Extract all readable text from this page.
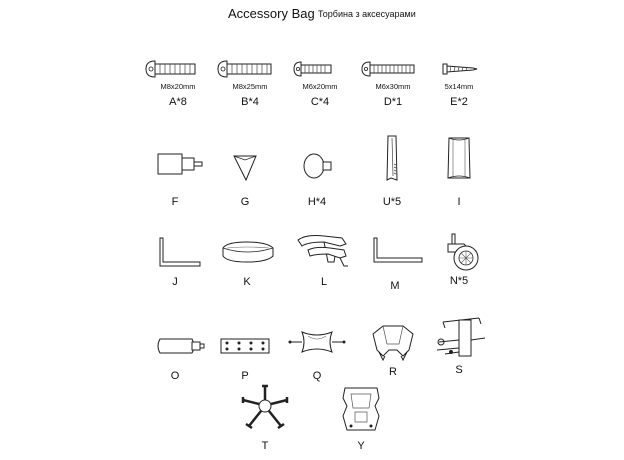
Accessory Bag Торбина з аксесуарами
M8x20mm
A*8
M8x25mm
B*4
M6x20mm
C*4
M6x30mm
D*1
5x14mm
E*2
F	G	H*4	U*5	I
J	K	L	M	N*5
O	P	Q	R	S
T	Y
